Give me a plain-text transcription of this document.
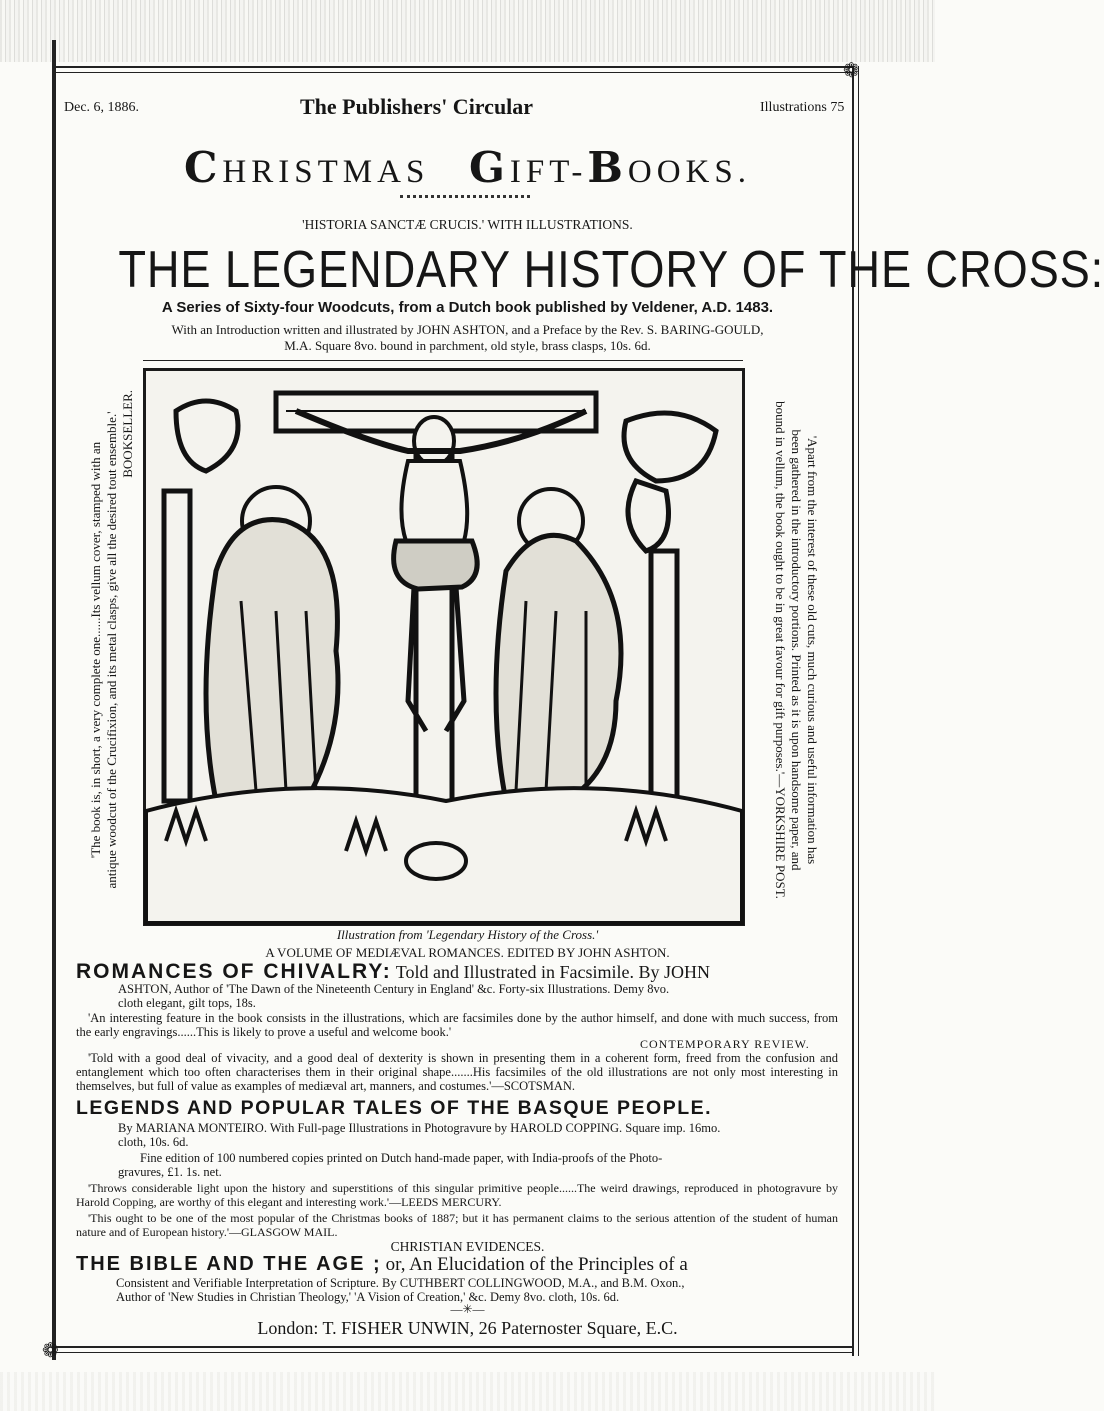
❁
❁
Dec. 6, 1886.	The Publishers' Circular	Illustrations 75
CHRISTMAS GIFT-BOOKS.
'HISTORIA SANCTÆ CRUCIS.' WITH ILLUSTRATIONS.
THE LEGENDARY HISTORY OF THE CROSS:
A Series of Sixty-four Woodcuts, from a Dutch book published by Veldener, A.D. 1483.
With an Introduction written and illustrated by JOHN ASHTON, and a Preface by the Rev. S. BARING-GOULD,
M.A. Square 8vo. bound in parchment, old style, brass clasps, 10s. 6d.
'The book is, in short, a very complete one......Its vellum cover, stamped with an antique woodcut of the Crucifixion, and its metal clasps, give all the desired tout ensemble.' BOOKSELLER.
'Apart from the interest of these old cuts, much curious and useful information has
been gathered in the introductory portions. Printed as it is upon handsome paper, and
bound in vellum, the book ought to be in great favour for gift purposes.'—YORKSHIRE POST.
Illustration from 'Legendary History of the Cross.'
A VOLUME OF MEDIÆVAL ROMANCES. EDITED BY JOHN ASHTON.
ROMANCES OF CHIVALRY: Told and Illustrated in Facsimile. By JOHN
ASHTON, Author of 'The Dawn of the Nineteenth Century in England' &c. Forty-six Illustrations. Demy 8vo.
cloth elegant, gilt tops, 18s.
'An interesting feature in the book consists in the illustrations, which are facsimiles done by the author himself, and done with much success, from the early engravings......This is likely to prove a useful and welcome book.'
CONTEMPORARY REVIEW.
'Told with a good deal of vivacity, and a good deal of dexterity is shown in presenting them in a coherent form, freed from the confusion and entanglement which too often characterises them in their original shape.......His facsimiles of the old illustrations are not only most interesting in themselves, but full of value as examples of mediæval art, manners, and costumes.'—SCOTSMAN.
LEGENDS AND POPULAR TALES OF THE BASQUE PEOPLE.
By MARIANA MONTEIRO. With Full-page Illustrations in Photogravure by HAROLD COPPING. Square imp. 16mo.
cloth, 10s. 6d.
Fine edition of 100 numbered copies printed on Dutch hand-made paper, with India-proofs of the Photo-
gravures, £1. 1s. net.
'Throws considerable light upon the history and superstitions of this singular primitive people......The weird drawings, reproduced in photogravure by Harold Copping, are worthy of this elegant and interesting work.'—LEEDS MERCURY.
'This ought to be one of the most popular of the Christmas books of 1887; but it has permanent claims to the serious attention of the student of human nature and of European history.'—GLASGOW MAIL.
CHRISTIAN EVIDENCES.
THE BIBLE AND THE AGE ; or, An Elucidation of the Principles of a
Consistent and Verifiable Interpretation of Scripture. By CUTHBERT COLLINGWOOD, M.A., and B.M. Oxon.,
Author of 'New Studies in Christian Theology,' 'A Vision of Creation,' &c. Demy 8vo. cloth, 10s. 6d.
—✳—
London: T. FISHER UNWIN, 26 Paternoster Square, E.C.
